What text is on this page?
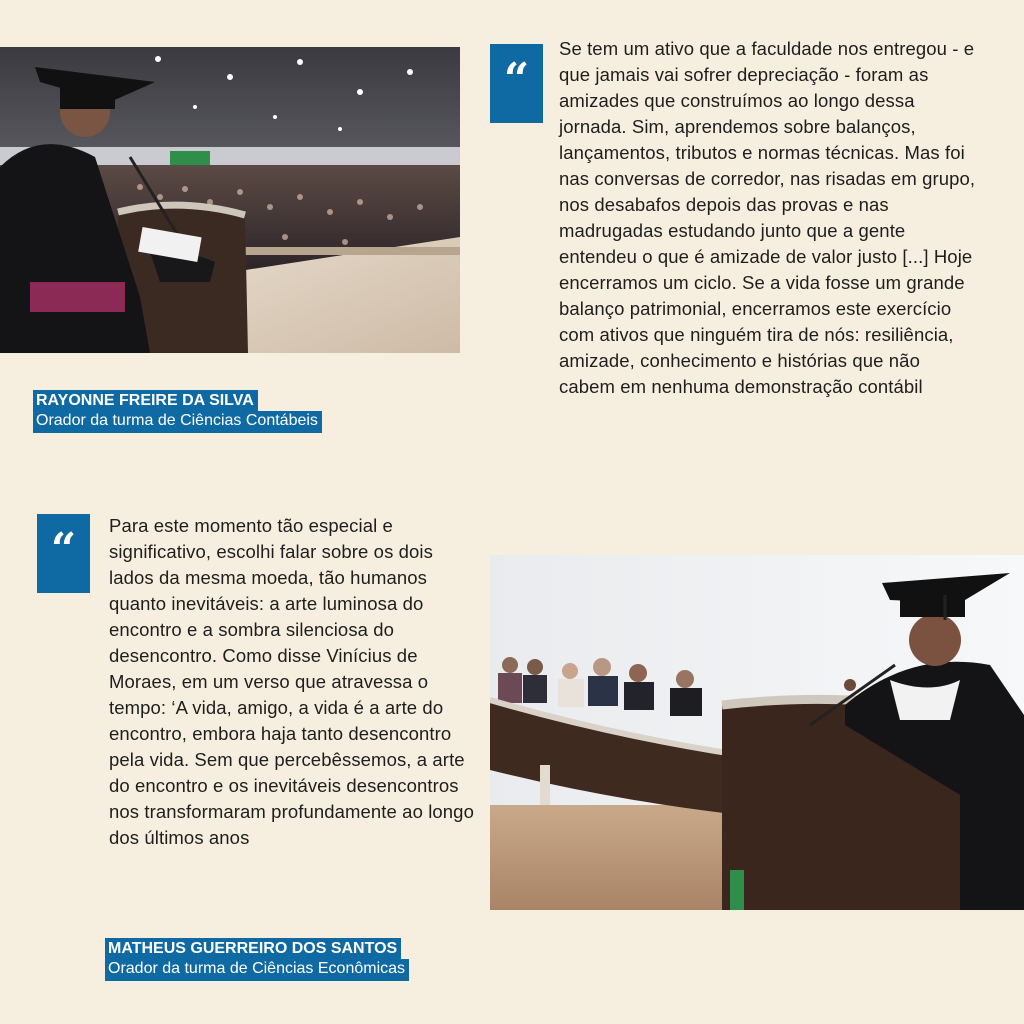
“
Se tem um ativo que a faculdade nos entregou - e que jamais vai sofrer depreciação - foram as amizades que construímos ao longo dessa jornada. Sim, aprendemos sobre balanços, lançamentos, tributos e normas técnicas. Mas foi nas conversas de corredor, nas risadas em grupo, nos desabafos depois das provas e nas madrugadas estudando junto que a gente entendeu o que é amizade de valor justo [...] Hoje encerramos um ciclo. Se a vida fosse um grande balanço patrimonial, encerramos este exercício com ativos que ninguém tira de nós: resiliência, amizade, conhecimento e histórias que não cabem em nenhuma demonstração contábil
RAYONNE FREIRE DA SILVA
Orador da turma de Ciências Contábeis
“	Para este momento tão especial e significativo, escolhi falar sobre os dois lados da mesma moeda, tão humanos quanto inevitáveis: a arte luminosa do encontro e a sombra silenciosa do desencontro. Como disse Vinícius de Moraes, em um verso que atravessa o tempo: ‘A vida, amigo, a vida é a arte do encontro, embora haja tanto desencontro pela vida. Sem que percebêssemos, a arte do encontro e os inevitáveis desencontros nos transformaram profundamente ao longo dos últimos anos
MATHEUS GUERREIRO DOS SANTOS
Orador da turma de Ciências Econômicas
